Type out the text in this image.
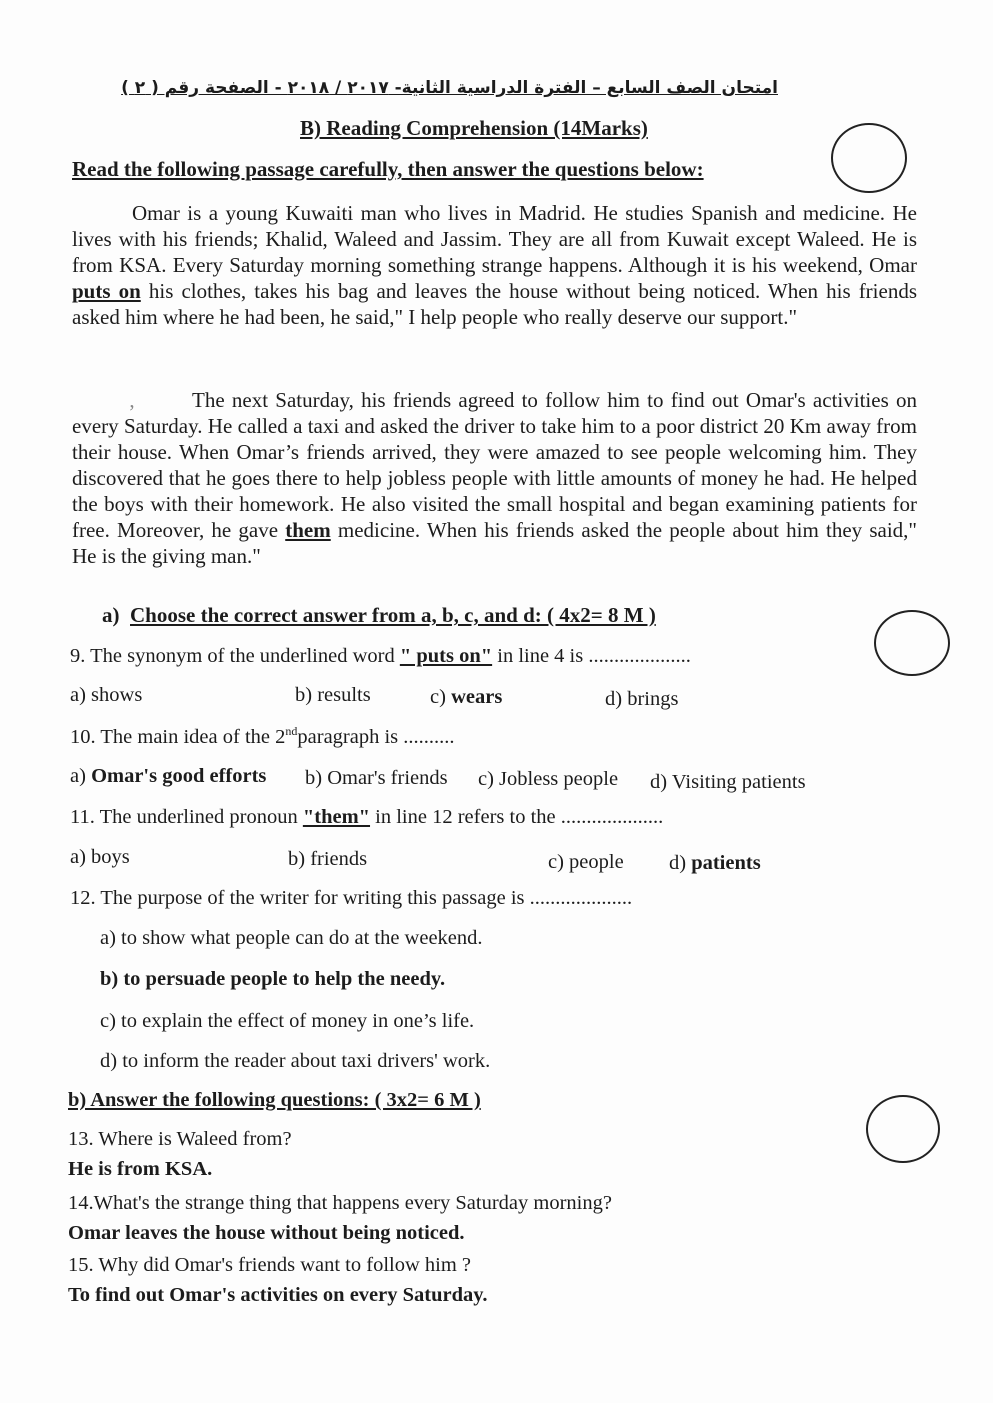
امتحان الصف السابع – الفترة الدراسية الثانية- ٢٠١٧ / ٢٠١٨ - الصفحة رقم ( ٢ )
B) Reading Comprehension (14Marks)
Read the following passage carefully, then answer the questions below:
Omar is a young Kuwaiti man who lives in Madrid. He studies Spanish and medicine. He lives with his friends; Khalid, Waleed and Jassim. They are all from Kuwait except Waleed. He is from KSA. Every Saturday morning something strange happens. Although it is his weekend, Omar puts on his clothes, takes his bag and leaves the house without being noticed. When his friends asked him where he had been, he said," I help people who really deserve our support."
,	The next Saturday, his friends agreed to follow him to find out Omar's activities on every Saturday. He called a taxi and asked the driver to take him to a poor district 20 Km away from their house. When Omar’s friends arrived, they were amazed to see people welcoming him. They discovered that he goes there to help jobless people with little amounts of money he had. He helped the boys with their homework. He also visited the small hospital and began examining patients for free. Moreover, he gave them medicine. When his friends asked the people about him they said," He is the giving man."
a) Choose the correct answer from a, b, c, and d: ( 4x2= 8 M )
9. The synonym of the underlined word " puts on" in line 4 is ....................
a) shows	b) results	c) wears	d) brings
10. The main idea of the 2ndparagraph is ..........
a) Omar's good efforts b) Omar's friends c) Jobless people d) Visiting patients
11. The underlined pronoun "them" in line 12 refers to the ....................
a) boys	b) friends	c) people d) patients
12. The purpose of the writer for writing this passage is ....................
a) to show what people can do at the weekend.
b) to persuade people to help the needy.
c) to explain the effect of money in one’s life.
d) to inform the reader about taxi drivers' work.
b) Answer the following questions: ( 3x2= 6 M )
13. Where is Waleed from?
He is from KSA.
14.What's the strange thing that happens every Saturday morning?
Omar leaves the house without being noticed.
15. Why did Omar's friends want to follow him ?
To find out Omar's activities on every Saturday.
